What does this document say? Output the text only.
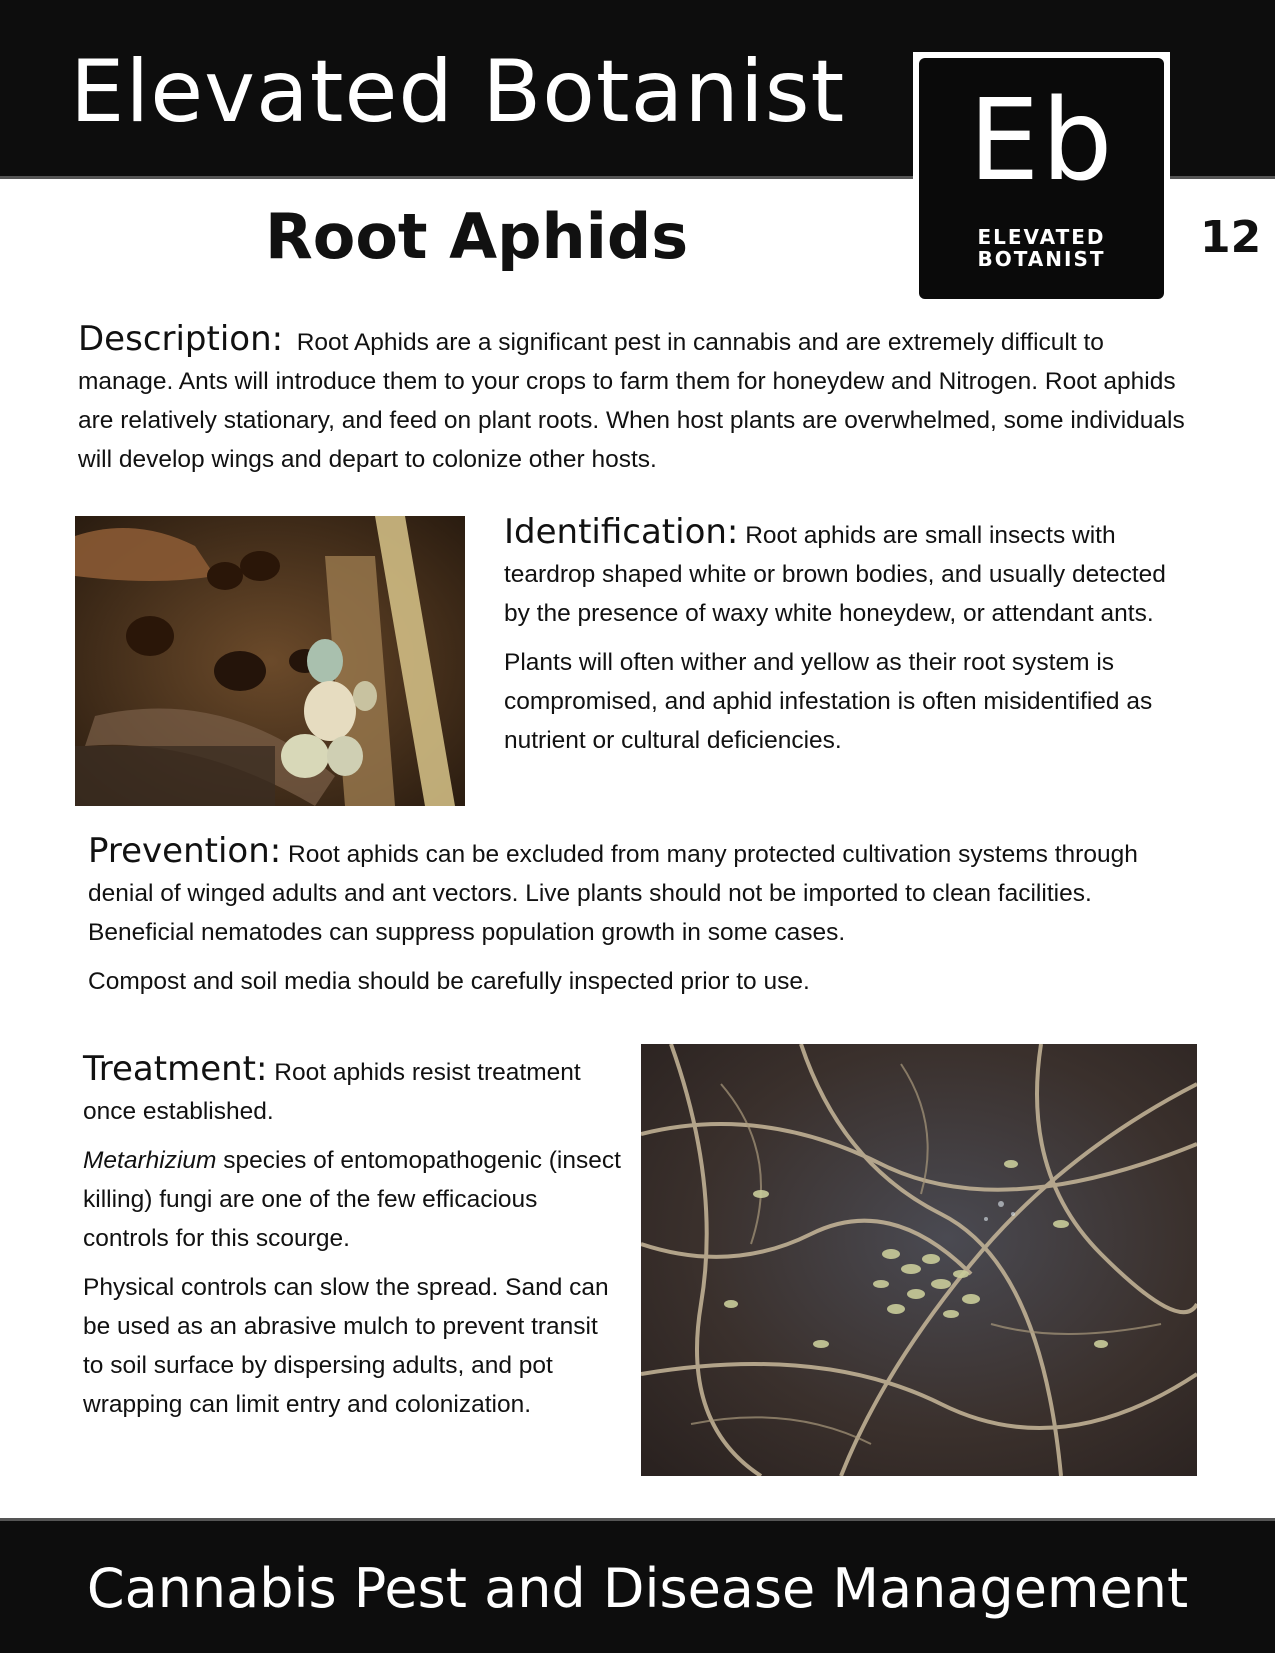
Elevated Botanist	Eb
ELEVATED
BOTANIST	12
Root Aphids
Description: Root Aphids are a significant pest in cannabis and are extremely difficult to manage. Ants will introduce them to your crops to farm them for honeydew and Nitrogen. Root aphids are relatively stationary, and feed on plant roots. When host plants are overwhelmed, some individuals will develop wings and depart to colonize other hosts.

Identification: Root aphids are small insects with teardrop shaped white or brown bodies, and usually detected by the presence of waxy white honeydew, or attendant ants.

Plants will often wither and yellow as their root system is compromised, and aphid infestation is often misidentified as nutrient or cultural deficiencies.

Prevention: Root aphids can be excluded from many protected cultivation systems through denial of winged adults and ant vectors. Live plants should not be imported to clean facilities. Beneficial nematodes can suppress population growth in some cases.

Compost and soil media should be carefully inspected prior to use.

Treatment: Root aphids resist treatment once established.

Metarhizium species of entomopathogenic (insect killing) fungi are one of the few efficacious controls for this scourge.

Physical controls can slow the spread. Sand can be used as an abrasive mulch to prevent transit to soil surface by dispersing adults, and pot wrapping can limit entry and colonization.

Cannabis Pest and Disease Management
